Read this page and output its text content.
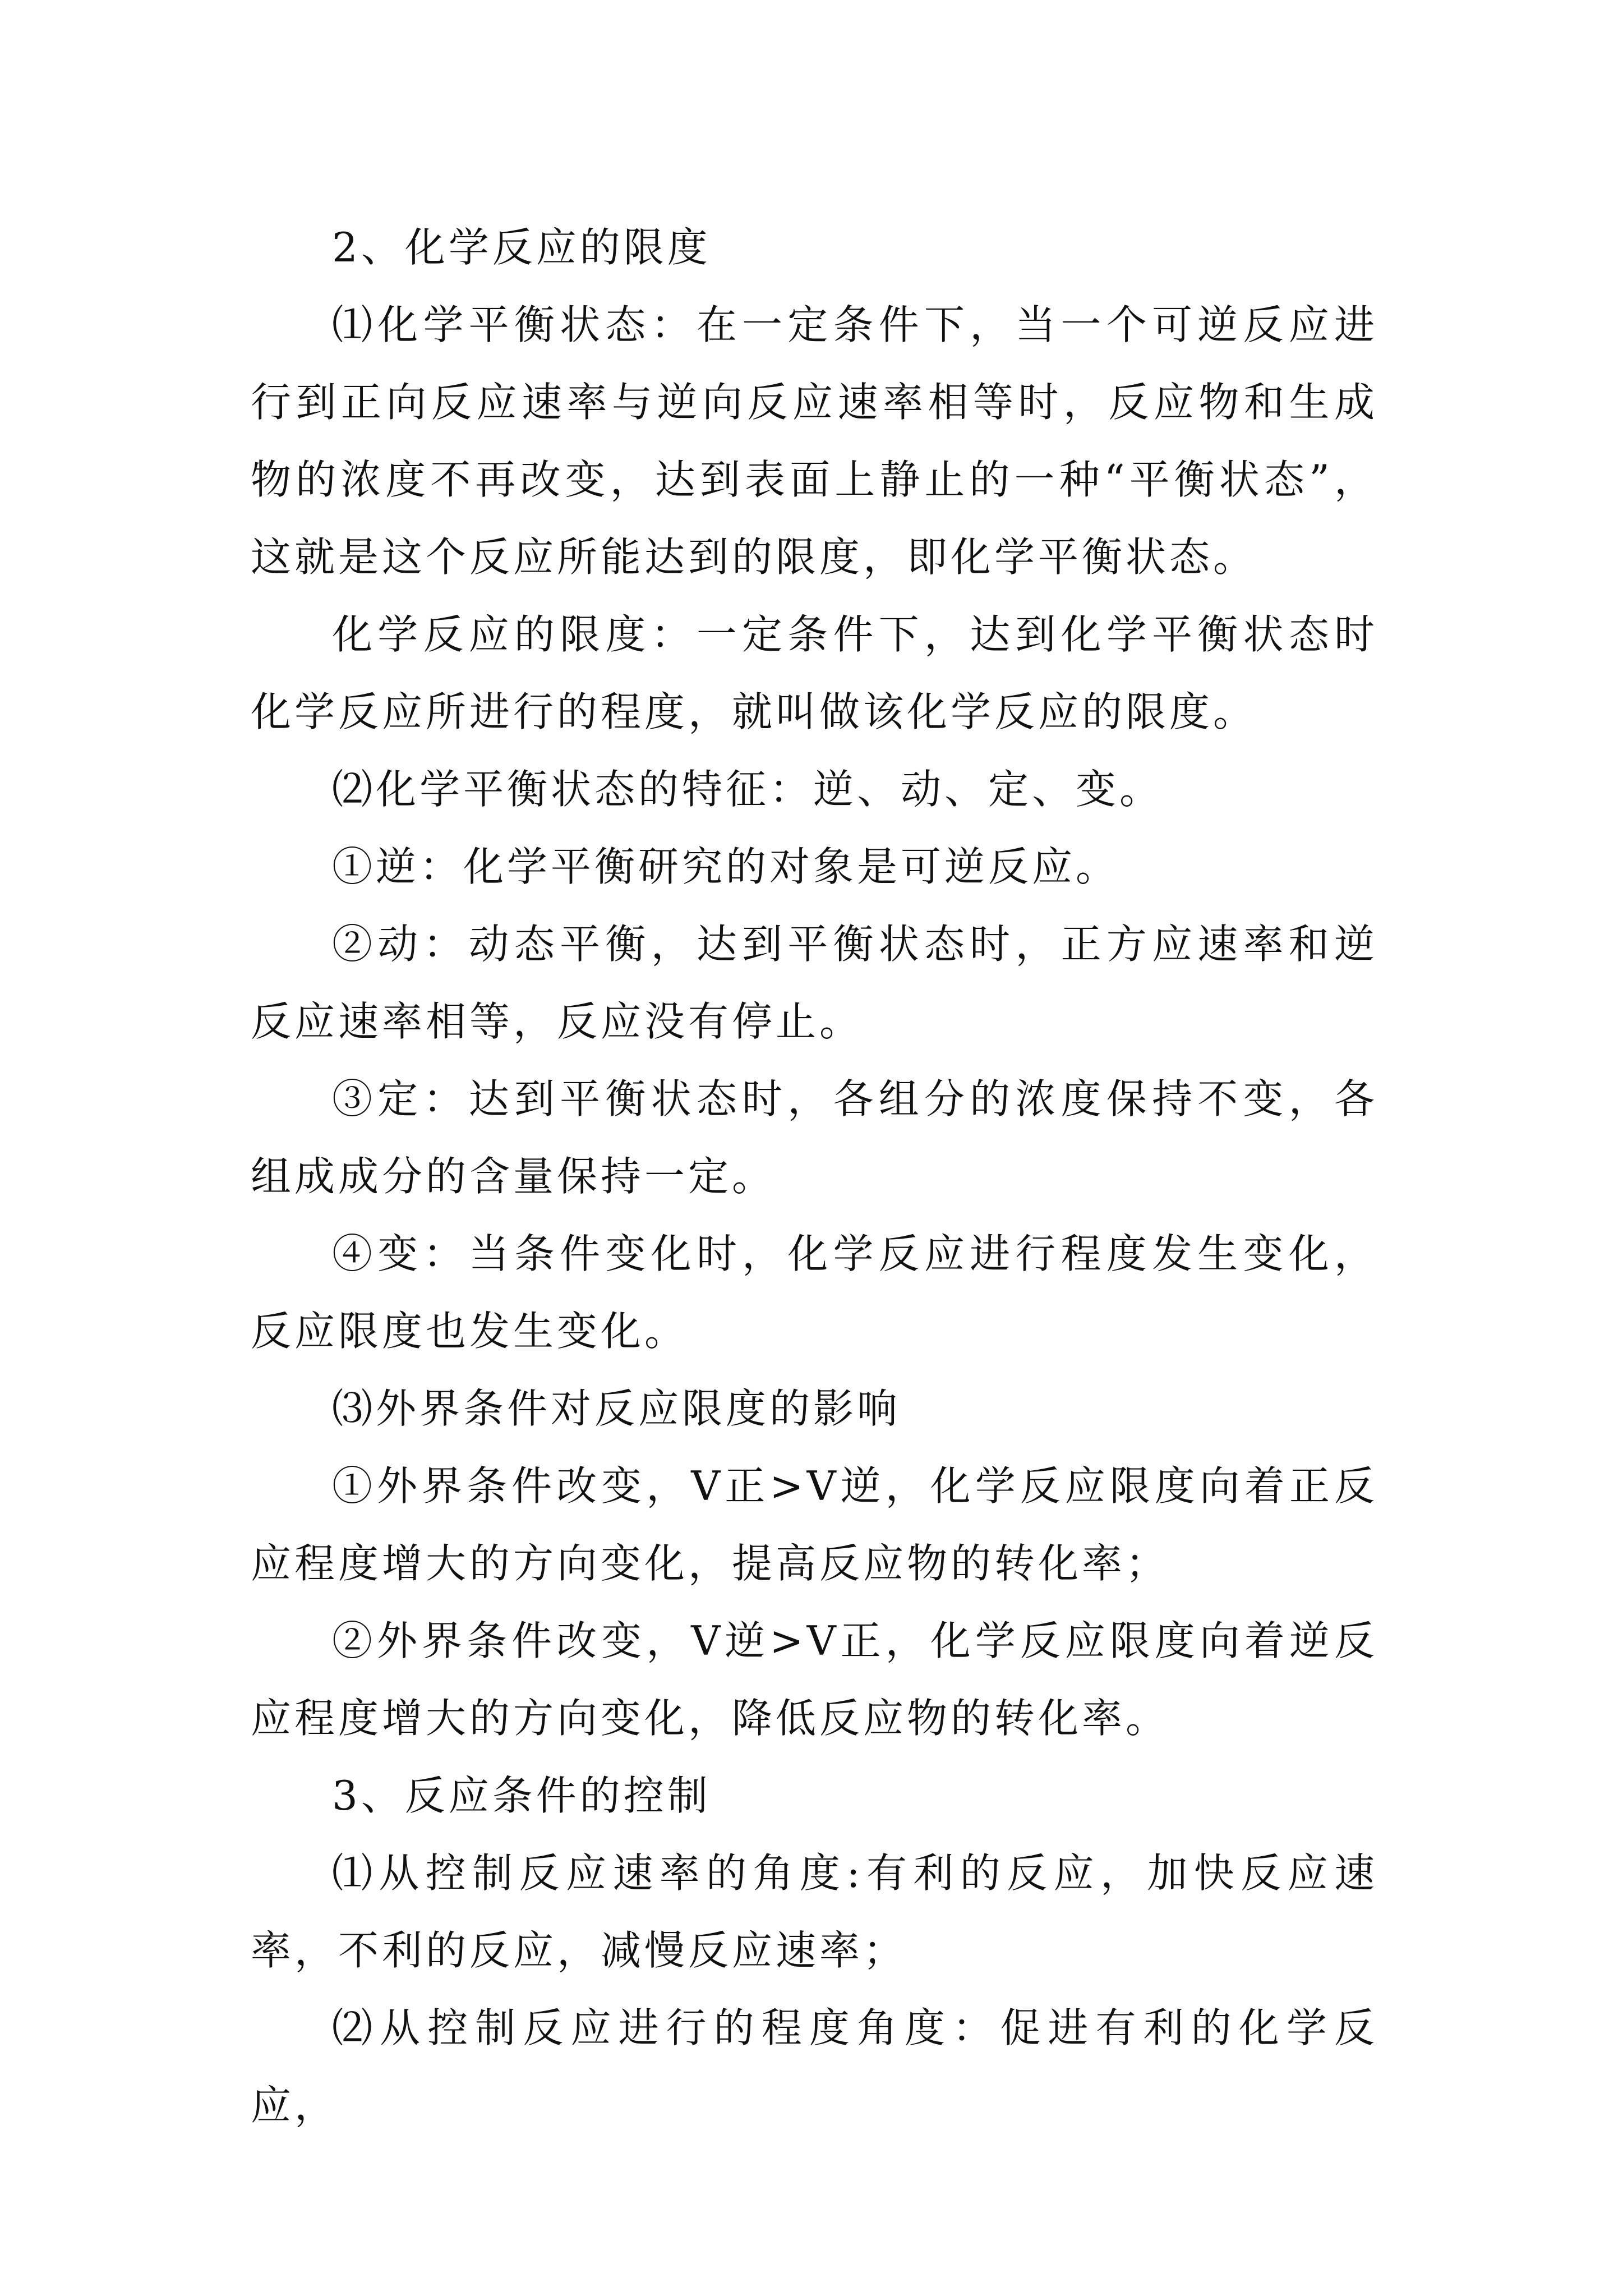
2、化学反应的限度

⑴化学平衡状态：在一定条件下，当一个可逆反应进行到正向反应速率与逆向反应速率相等时，反应物和生成物的浓度不再改变，达到表面上静止的一种“平衡状态”，这就是这个反应所能达到的限度，即化学平衡状态。

化学反应的限度：一定条件下，达到化学平衡状态时化学反应所进行的程度，就叫做该化学反应的限度。

⑵化学平衡状态的特征：逆、动、定、变。

①逆：化学平衡研究的对象是可逆反应。

②动：动态平衡，达到平衡状态时，正方应速率和逆反应速率相等，反应没有停止。

③定：达到平衡状态时，各组分的浓度保持不变，各组成成分的含量保持一定。

④变：当条件变化时，化学反应进行程度发生变化，反应限度也发生变化。

⑶外界条件对反应限度的影响

①外界条件改变，V正>V逆，化学反应限度向着正反应程度增大的方向变化，提高反应物的转化率；

②外界条件改变，V逆>V正，化学反应限度向着逆反应程度增大的方向变化，降低反应物的转化率。

3、反应条件的控制

⑴从控制反应速率的角度:有利的反应，加快反应速率，不利的反应，减慢反应速率；

⑵从控制反应进行的程度角度：促进有利的化学反应，
